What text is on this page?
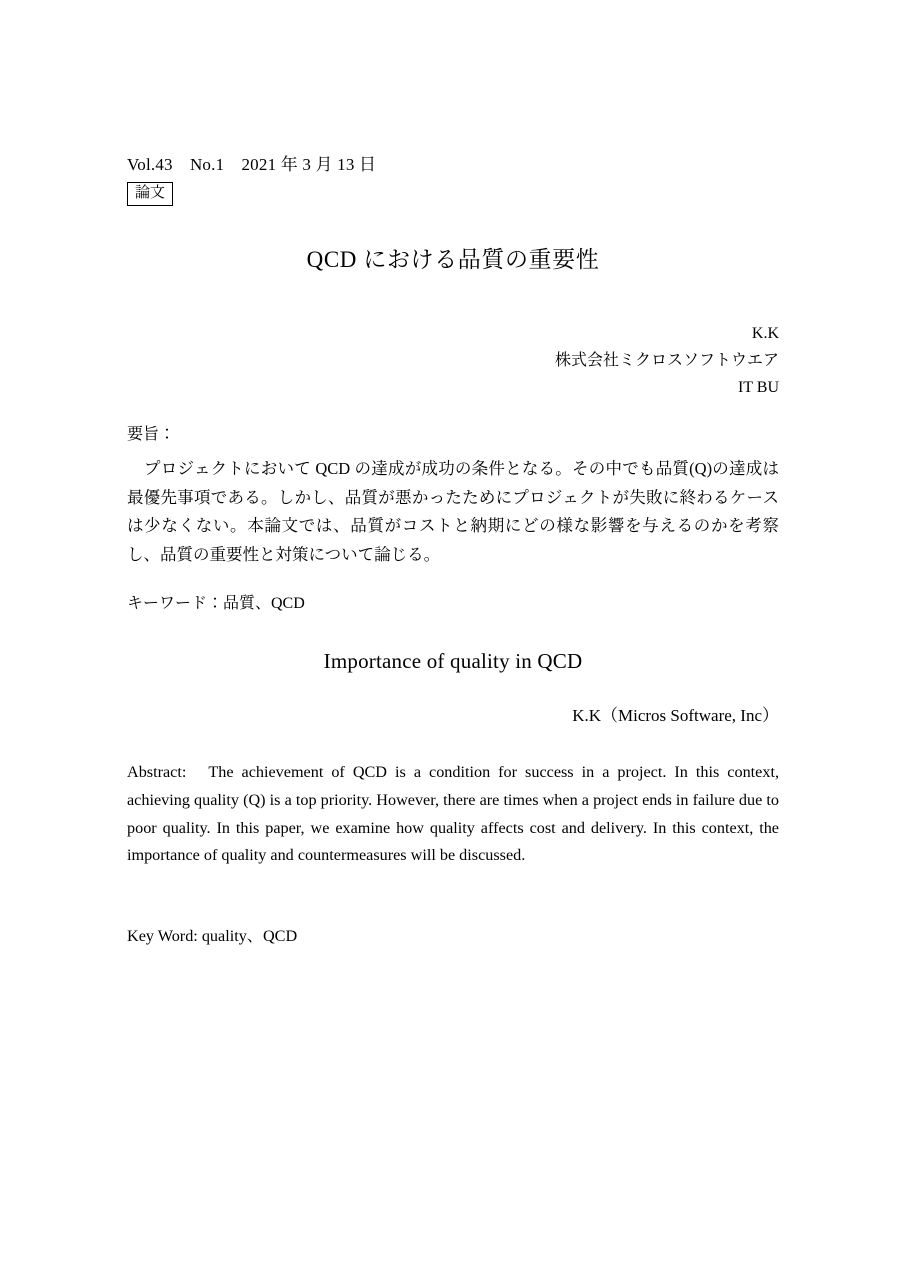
Vol.43　No.1　2021 年 3 月 13 日
論文
QCD における品質の重要性
K.K
株式会社ミクロスソフトウエア
IT BU
要旨：
プロジェクトにおいて QCD の達成が成功の条件となる。その中でも品質(Q)の達成は最優先事項である。しかし、品質が悪かったためにプロジェクトが失敗に終わるケースは少なくない。本論文では、品質がコストと納期にどの様な影響を与えるのかを考察し、品質の重要性と対策について論じる。
キーワード：品質、QCD
Importance of quality in QCD
K.K（Micros Software, Inc）
Abstract: The achievement of QCD is a condition for success in a project. In this context, achieving quality (Q) is a top priority. However, there are times when a project ends in failure due to poor quality. In this paper, we examine how quality affects cost and delivery. In this context, the importance of quality and countermeasures will be discussed.
Key Word: quality、QCD
